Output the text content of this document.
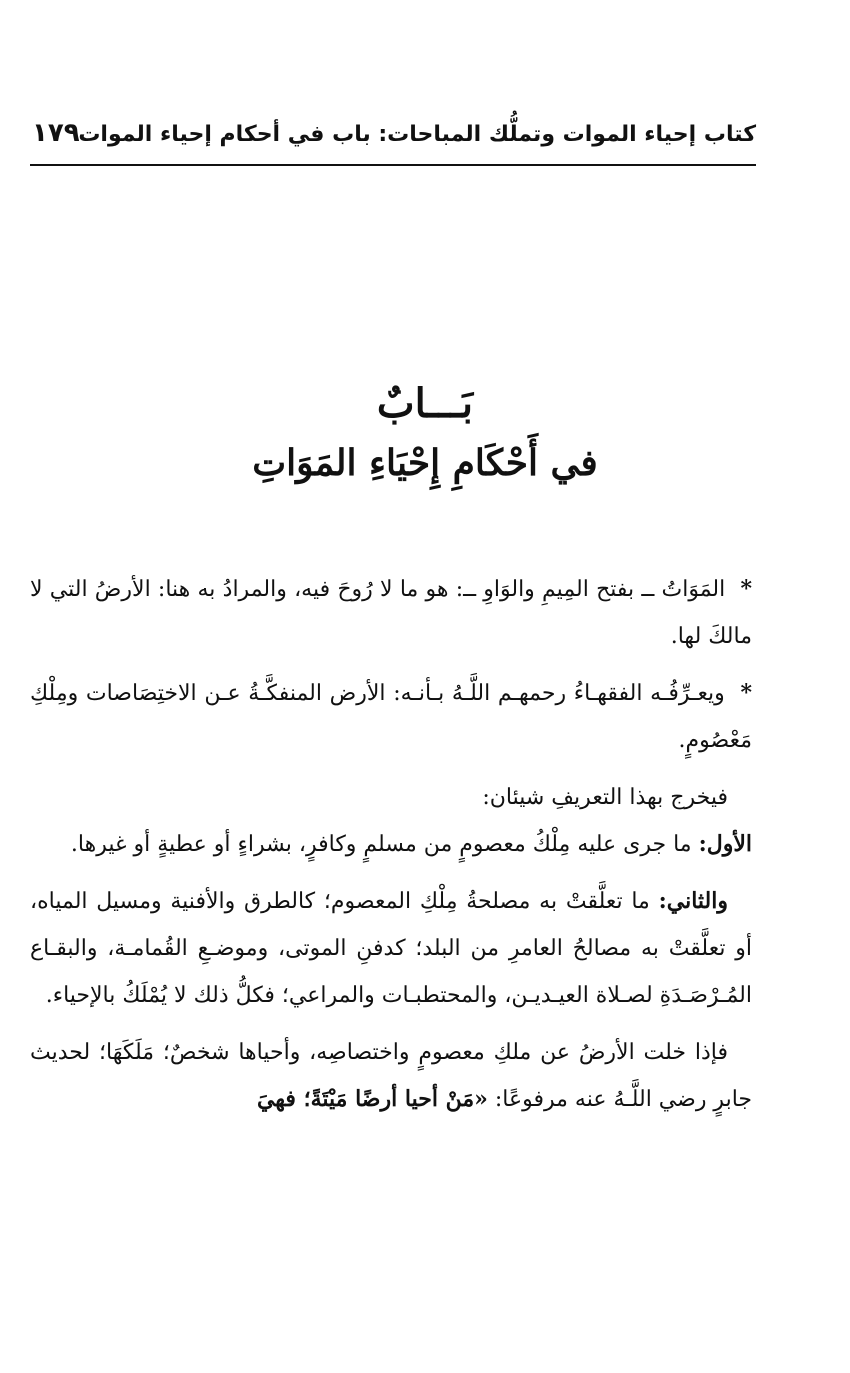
كتاب إحياء الموات وتملُّك المباحات: باب في أحكام إحياء الموات
١٧٩
بَـــابٌ
في أَحْكَامِ إِحْيَاءِ المَوَاتِ

* المَوَاتُ ــ بفتح المِيمِ والوَاوِ ــ: هو ما لا رُوحَ فيه، والمرادُ به هنا: الأرضُ التي لا مالكَ لها.

* ويعـرِّفُـه الفقهـاءُ رحمهـم اللَّـهُ بـأنـه: الأرض المنفكَّـةُ عـن الاختِصَاصات ومِلْكِ مَعْصُومٍ.

فيخرج بهذا التعريفِ شيئان:

الأول: ما جرى عليه مِلْكُ معصومٍ من مسلمٍ وكافرٍ، بشراءٍ أو عطيةٍ أو غيرها.

والثاني: ما تعلَّقتْ به مصلحةُ مِلْكِ المعصوم؛ كالطرق والأفنية ومسيل المياه، أو تعلَّقتْ به مصالحُ العامرِ من البلد؛ كدفنِ الموتى، وموضـعِ القُمامـة، والبقـاع المُـرْصَـدَةِ لصـلاة العيـديـن، والمحتطبـات والمراعي؛ فكلُّ ذلك لا يُمْلَكُ بالإحياء.

فإذا خلت الأرضُ عن ملكِ معصومٍ واختصاصِه، وأحياها شخصٌ؛ مَلَكَهَا؛ لحديث جابرٍ رضي اللَّـهُ عنه مرفوعًا: «مَنْ أحيا أرضًا مَيْتَةً؛ فهيَ
